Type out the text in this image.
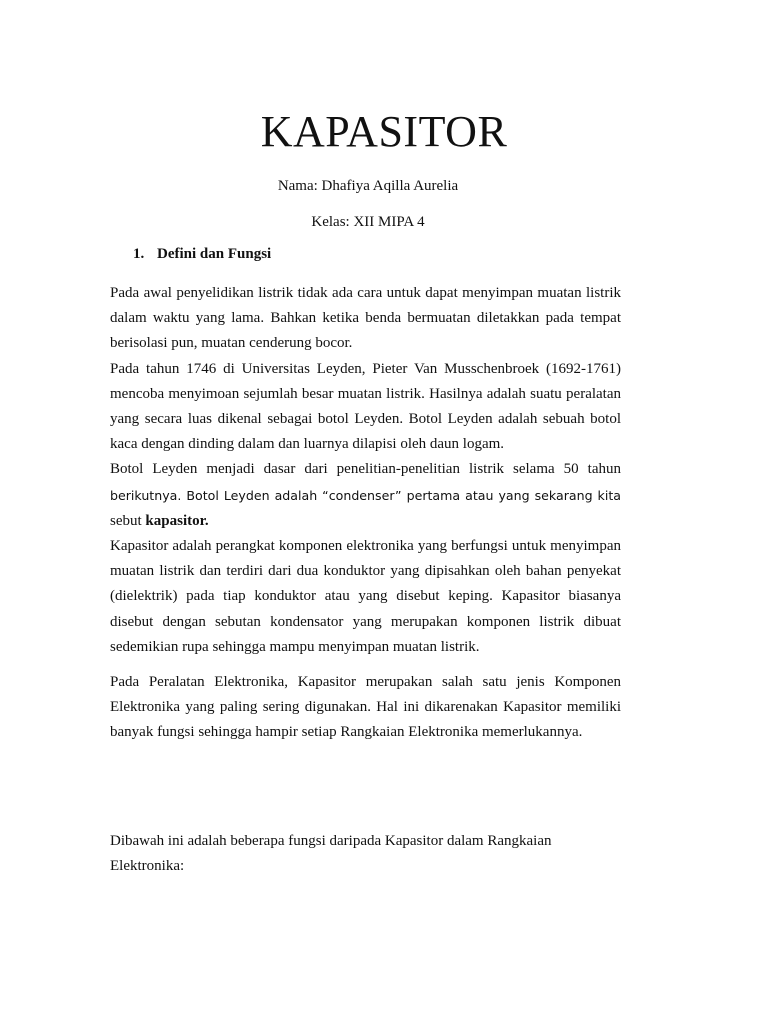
KAPASITOR
Nama: Dhafiya Aqilla Aurelia
Kelas: XII MIPA 4
1. Defini dan Fungsi

Pada awal penyelidikan listrik tidak ada cara untuk dapat menyimpan muatan listrik dalam waktu yang lama. Bahkan ketika benda bermuatan diletakkan pada tempat berisolasi pun, muatan cenderung bocor.

Pada tahun 1746 di Universitas Leyden, Pieter Van Musschenbroek (1692-1761) mencoba menyimoan sejumlah besar muatan listrik. Hasilnya adalah suatu peralatan yang secara luas dikenal sebagai botol Leyden. Botol Leyden adalah sebuah botol kaca dengan dinding dalam dan luarnya dilapisi oleh daun logam.

Botol Leyden menjadi dasar dari penelitian-penelitian listrik selama 50 tahun berikutnya. Botol Leyden adalah “condenser” pertama atau yang sekarang kita sebut kapasitor.

Kapasitor adalah perangkat komponen elektronika yang berfungsi untuk menyimpan muatan listrik dan terdiri dari dua konduktor yang dipisahkan oleh bahan penyekat (dielektrik) pada tiap konduktor atau yang disebut keping. Kapasitor biasanya disebut dengan sebutan kondensator yang merupakan komponen listrik dibuat sedemikian rupa sehingga mampu menyimpan muatan listrik.

Pada Peralatan Elektronika, Kapasitor merupakan salah satu jenis Komponen Elektronika yang paling sering digunakan. Hal ini dikarenakan Kapasitor memiliki banyak fungsi sehingga hampir setiap Rangkaian Elektronika memerlukannya.

Dibawah ini adalah beberapa fungsi daripada Kapasitor dalam Rangkaian Elektronika:
